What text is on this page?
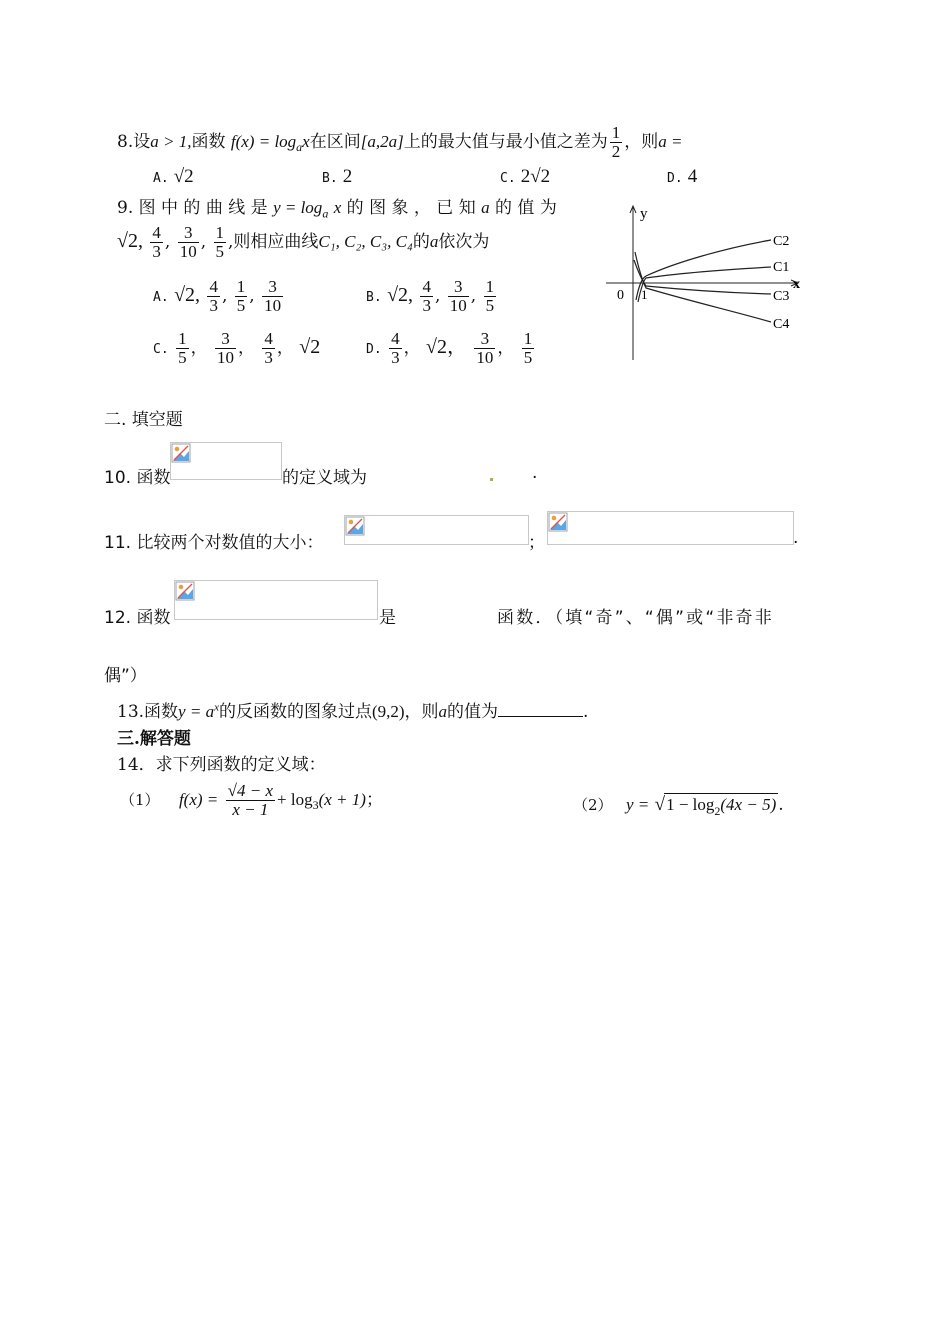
8.设a > 1,函数 $f(x) = \log_ax$在区间[a,2a]上的最大值与最小值之差为 $\frac{1}{2}$ ，则a =
A. √2	B. 2	C. 2√2	D. 4
9. 图 中 的 曲 线 是 $y = \log_a x$ 的 图 象 ， 已 知 a 的 值 为
√2, $\frac{4}{3}$ , $\frac{3}{10}$ , $\frac{1}{5}$ ,则相应曲线C₁, C₂, C₃, C₄的a依次为
A. √2, $\frac{4}{3}$ , $\frac{1}{5}$ , $\frac{3}{10}$	B. √2, $\frac{4}{3}$ , $\frac{3}{10}$ , $\frac{1}{5}$
C. $\frac{1}{5}$ ， $\frac{3}{10}$ ， $\frac{4}{3}$ ， √2	D. $\frac{4}{3}$ ， √2， $\frac{3}{10}$ ， $\frac{1}{5}$
y
x
0 1
C2
C1
C3
C4
二. 填空题
10. 函数	的定义域为	.
11. 比较两个对数值的大小：	；	.
12. 函数	是	函数．（填“奇”、“偶”或“非奇非
偶”）
13.函数$y = a^x$的反函数的图象过点(9,2)，则a的值为	.
三.解答题
14．求下列函数的定义域：
（1） $f(x) = \frac{√4 - x}{x - 1} + \log_3(x + 1)$；	（2） $y = √1 - \log_2(4x - 5)$ .
